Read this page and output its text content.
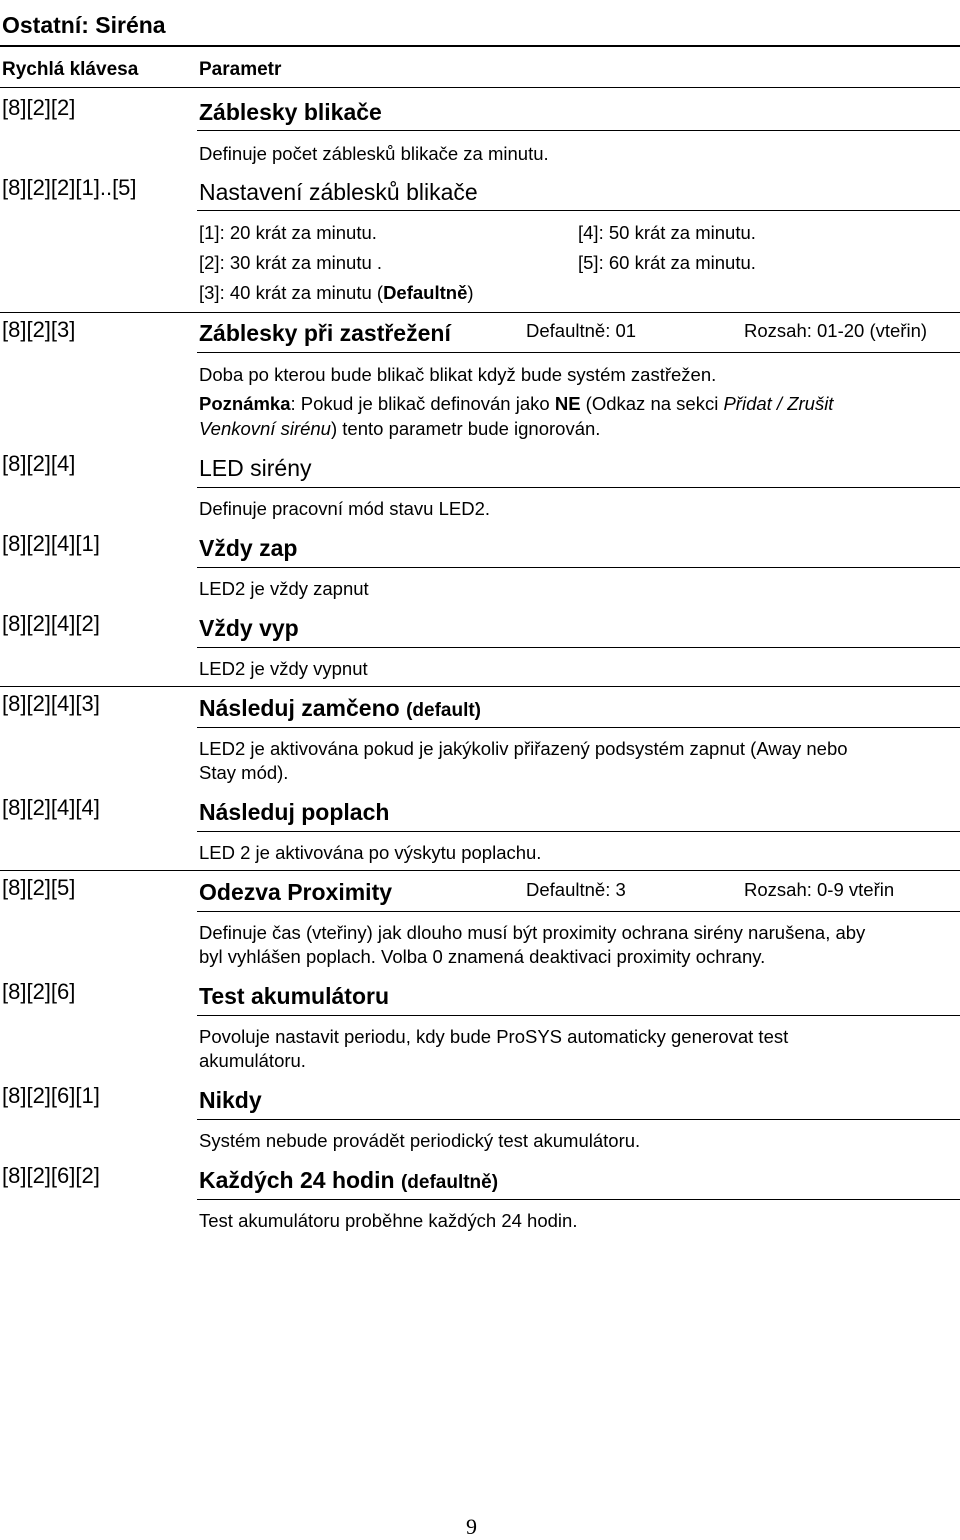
Ostatní: Siréna
Rychlá klávesa	Parametr
[8][2][2]	Záblesky blikače
Definuje počet záblesků blikače za minutu.
[8][2][2][1]..[5]	Nastavení záblesků blikače
[1]: 20 krát za minutu.
[2]: 30 krát za minutu .
[3]: 40 krát za minutu (Defaultně)
[4]: 50 krát za minutu.
[5]: 60 krát za minutu.
[8][2][3]	Záblesky při zastřežení	Defaultně: 01	Rozsah: 01-20 (vteřin)
Doba po kterou bude blikač blikat když bude systém zastřežen.
Poznámka: Pokud je blikač definován jako NE (Odkaz na sekci Přidat / Zrušit
Venkovní sirénu) tento parametr bude ignorován.
[8][2][4]	LED sirény
Definuje pracovní mód stavu LED2.
[8][2][4][1]	Vždy zap
LED2 je vždy zapnut
[8][2][4][2]	Vždy vyp
LED2 je vždy vypnut
[8][2][4][3]	Následuj zamčeno (default)
LED2 je aktivována pokud je jakýkoliv přiřazený podsystém zapnut (Away nebo
Stay mód).
[8][2][4][4]	Následuj poplach
LED 2 je aktivována po výskytu poplachu.
[8][2][5]	Odezva Proximity	Defaultně: 3	Rozsah: 0-9 vteřin
Definuje čas (vteřiny) jak dlouho musí být proximity ochrana sirény narušena, aby
byl vyhlášen poplach. Volba 0 znamená deaktivaci proximity ochrany.
[8][2][6]	Test akumulátoru
Povoluje nastavit periodu, kdy bude ProSYS automaticky generovat test
akumulátoru.
[8][2][6][1]	Nikdy
Systém nebude provádět periodický test akumulátoru.
[8][2][6][2]	Každých 24 hodin (defaultně)
Test akumulátoru proběhne každých 24 hodin.
9
